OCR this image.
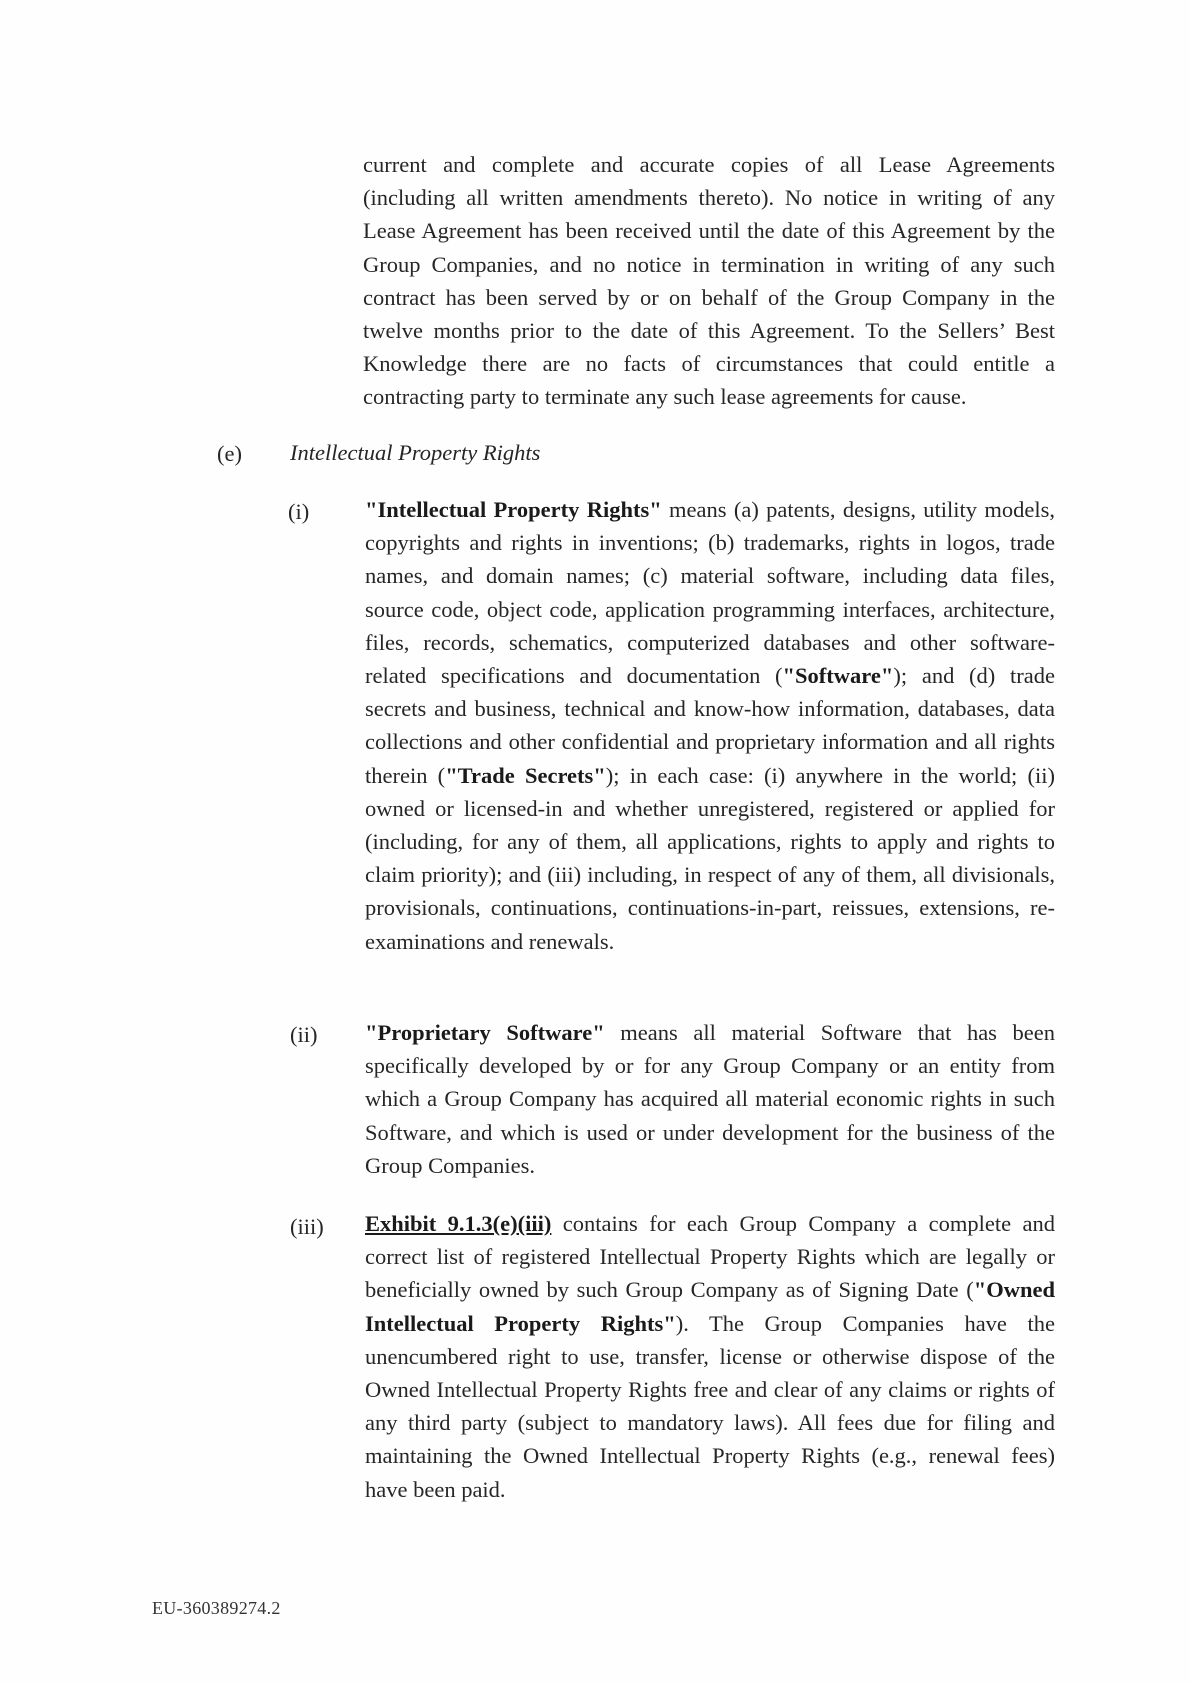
current and complete and accurate copies of all Lease Agreements (including all written amendments thereto). No notice in writing of any Lease Agreement has been received until the date of this Agreement by the Group Companies, and no notice in termination in writing of any such contract has been served by or on behalf of the Group Company in the twelve months prior to the date of this Agreement. To the Sellers’ Best Knowledge there are no facts of circumstances that could entitle a contracting party to terminate any such lease agreements for cause.
(e) Intellectual Property Rights
(i) "Intellectual Property Rights" means (a) patents, designs, utility models, copyrights and rights in inventions; (b) trademarks, rights in logos, trade names, and domain names; (c) material software, including data files, source code, object code, application programming interfaces, architecture, files, records, schematics, computerized databases and other software-related specifications and documentation ("Software"); and (d) trade secrets and business, technical and know-how information, databases, data collections and other confidential and proprietary information and all rights therein ("Trade Secrets"); in each case: (i) anywhere in the world; (ii) owned or licensed-in and whether unregistered, registered or applied for (including, for any of them, all applications, rights to apply and rights to claim priority); and (iii) including, in respect of any of them, all divisionals, provisionals, continuations, continuations-in-part, reissues, extensions, re-examinations and renewals.
(ii) "Proprietary Software" means all material Software that has been specifically developed by or for any Group Company or an entity from which a Group Company has acquired all material economic rights in such Software, and which is used or under development for the business of the Group Companies.
(iii) Exhibit 9.1.3(e)(iii) contains for each Group Company a complete and correct list of registered Intellectual Property Rights which are legally or beneficially owned by such Group Company as of Signing Date ("Owned Intellectual Property Rights"). The Group Companies have the unencumbered right to use, transfer, license or otherwise dispose of the Owned Intellectual Property Rights free and clear of any claims or rights of any third party (subject to mandatory laws). All fees due for filing and maintaining the Owned Intellectual Property Rights (e.g., renewal fees) have been paid.
EU-360389274.2
